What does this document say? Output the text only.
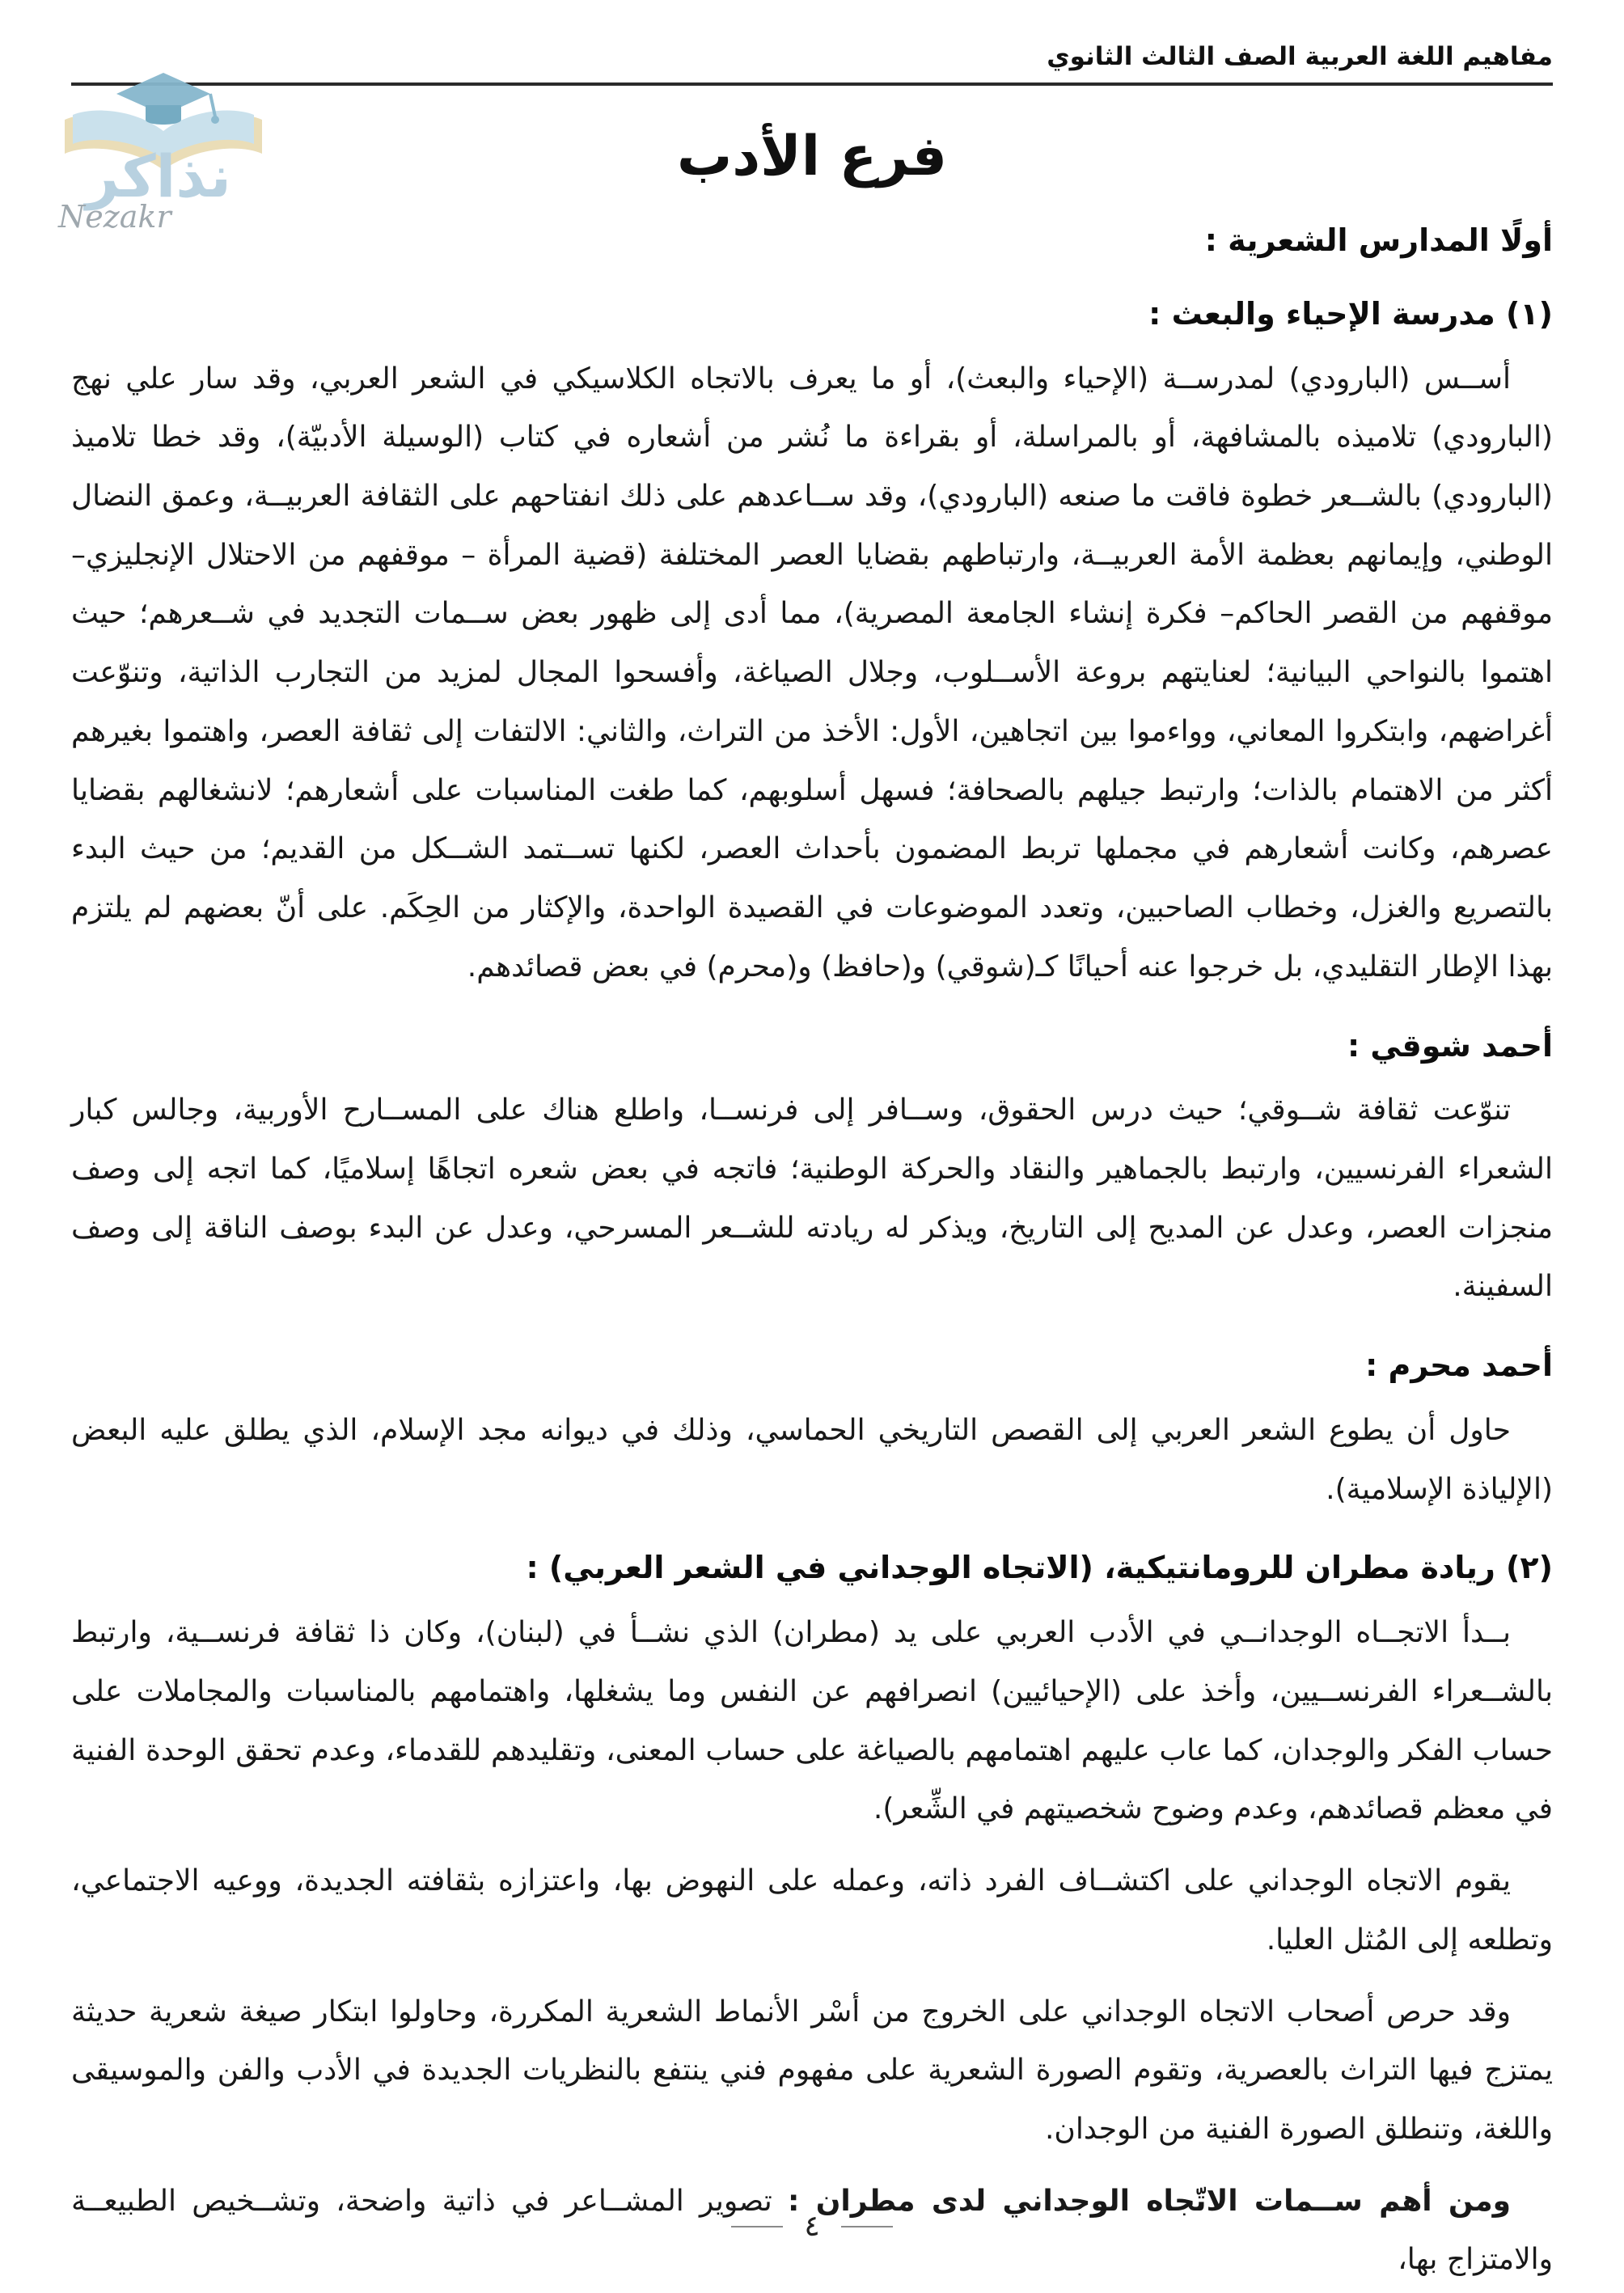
نذاكر
Nezakr
مفاهيم اللغة العربية الصف الثالث الثانوي
فرع الأدب
أولًا المدارس الشعرية :
(١) مدرسة الإحياء والبعث :
أســس (البارودي) لمدرســة (الإحياء والبعث)، أو ما يعرف بالاتجاه الكلاسيكي في الشعر العربي، وقد سار علي نهج (البارودي) تلاميذه بالمشافهة، أو بالمراسلة، أو بقراءة ما نُشر من أشعاره في كتاب (الوسيلة الأدبيّة)، وقد خطا تلاميذ (البارودي) بالشــعر خطوة فاقت ما صنعه (البارودي)، وقد ســاعدهم على ذلك انفتاحهم على الثقافة العربيــة، وعمق النضال الوطني، وإيمانهم بعظمة الأمة العربيــة، وارتباطهم بقضايا العصر المختلفة (قضية المرأة – موقفهم من الاحتلال الإنجليزي– موقفهم من القصر الحاكم– فكرة إنشاء الجامعة المصرية)، مما أدى إلى ظهور بعض ســمات التجديد في شــعرهم؛ حيث اهتموا بالنواحي البيانية؛ لعنايتهم بروعة الأســلوب، وجلال الصياغة، وأفسحوا المجال لمزيد من التجارب الذاتية، وتنوّعت أغراضهم، وابتكروا المعاني، وواءموا بين اتجاهين، الأول: الأخذ من التراث، والثاني: الالتفات إلى ثقافة العصر، واهتموا بغيرهم أكثر من الاهتمام بالذات؛ وارتبط جيلهم بالصحافة؛ فسهل أسلوبهم، كما طغت المناسبات على أشعارهم؛ لانشغالهم بقضايا عصرهم، وكانت أشعارهم في مجملها تربط المضمون بأحداث العصر، لكنها تســتمد الشــكل من القديم؛ من حيث البدء بالتصريع والغزل، وخطاب الصاحبين، وتعدد الموضوعات في القصيدة الواحدة، والإكثار من الحِكَم. على أنّ بعضهم لم يلتزم بهذا الإطار التقليدي، بل خرجوا عنه أحيانًا كـ(شوقي) و(حافظ) و(محرم) في بعض قصائدهم.
أحمد شوقي :
تنوّعت ثقافة شــوقي؛ حيث درس الحقوق، وســافر إلى فرنســا، واطلع هناك على المســارح الأوربية، وجالس كبار الشعراء الفرنسيين، وارتبط بالجماهير والنقاد والحركة الوطنية؛ فاتجه في بعض شعره اتجاهًا إسلاميًا، كما اتجه إلى وصف منجزات العصر، وعدل عن المديح إلى التاريخ، ويذكر له ريادته للشــعر المسرحي، وعدل عن البدء بوصف الناقة إلى وصف السفينة.
أحمد محرم :
حاول أن يطوع الشعر العربي إلى القصص التاريخي الحماسي، وذلك في ديوانه مجد الإسلام، الذي يطلق عليه البعض (الإلياذة الإسلامية).
(٢) ريادة مطران للرومانتيكية، (الاتجاه الوجداني في الشعر العربي) :
بــدأ الاتجــاه الوجدانــي في الأدب العربي على يد (مطران) الذي نشــأ في (لبنان)، وكان ذا ثقافة فرنســية، وارتبط بالشــعراء الفرنســيين، وأخذ على (الإحيائيين) انصرافهم عن النفس وما يشغلها، واهتمامهم بالمناسبات والمجاملات على حساب الفكر والوجدان، كما عاب عليهم اهتمامهم بالصياغة على حساب المعنى، وتقليدهم للقدماء، وعدم تحقق الوحدة الفنية في معظم قصائدهم، وعدم وضوح شخصيتهم في الشِّعر).
يقوم الاتجاه الوجداني على اكتشــاف الفرد ذاته، وعمله على النهوض بها، واعتزازه بثقافته الجديدة، ووعيه الاجتماعي، وتطلعه إلى المُثل العليا.
وقد حرص أصحاب الاتجاه الوجداني على الخروج من أسْر الأنماط الشعرية المكررة، وحاولوا ابتكار صيغة شعرية حديثة يمتزج فيها التراث بالعصرية، وتقوم الصورة الشعرية على مفهوم فني ينتفع بالنظريات الجديدة في الأدب والفن والموسيقى واللغة، وتنطلق الصورة الفنية من الوجدان.
ومن أهم ســمات الاتّجاه الوجداني لدى مطران : تصوير المشــاعر في ذاتية واضحة، وتشــخيص الطبيعــة والامتزاج بها،
٤
